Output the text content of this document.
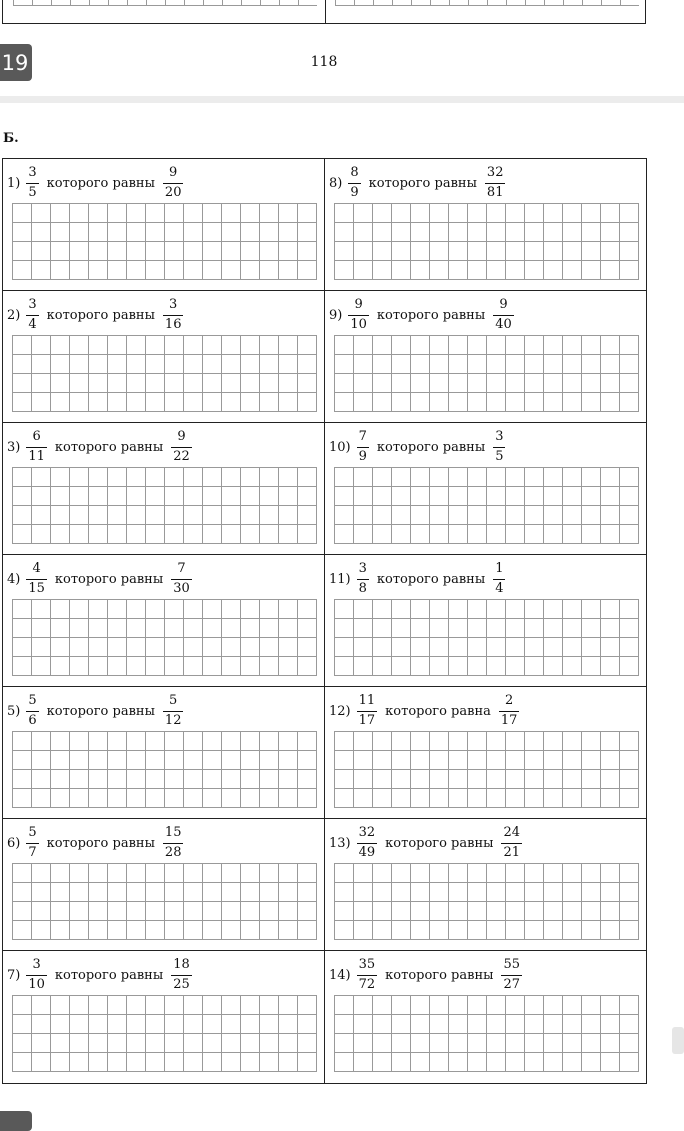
19	118
Б.
$1) \frac{3}{5}$ которого равны $\frac{9}{20}$	$8) \frac{8}{9}$ которого равны $\frac{32}{81}$
$2) \frac{3}{4}$ которого равны $\frac{3}{16}$	$9) \frac{9}{10}$ которого равны $\frac{9}{40}$
$3) \frac{6}{11}$ которого равны $\frac{9}{22}$	$10) \frac{7}{9}$ которого равны $\frac{3}{5}$
$4) \frac{4}{15}$ которого равны $\frac{7}{30}$	$11) \frac{3}{8}$ которого равны $\frac{1}{4}$
$5) \frac{5}{6}$ которого равны $\frac{5}{12}$	$12) \frac{11}{17}$ которого равна $\frac{2}{17}$
$6) \frac{5}{7}$ которого равны $\frac{15}{28}$	$13) \frac{32}{49}$ которого равны $\frac{24}{21}$
$7) \frac{3}{10}$ которого равны $\frac{18}{25}$	$14) \frac{35}{72}$ которого равны $\frac{55}{27}$
